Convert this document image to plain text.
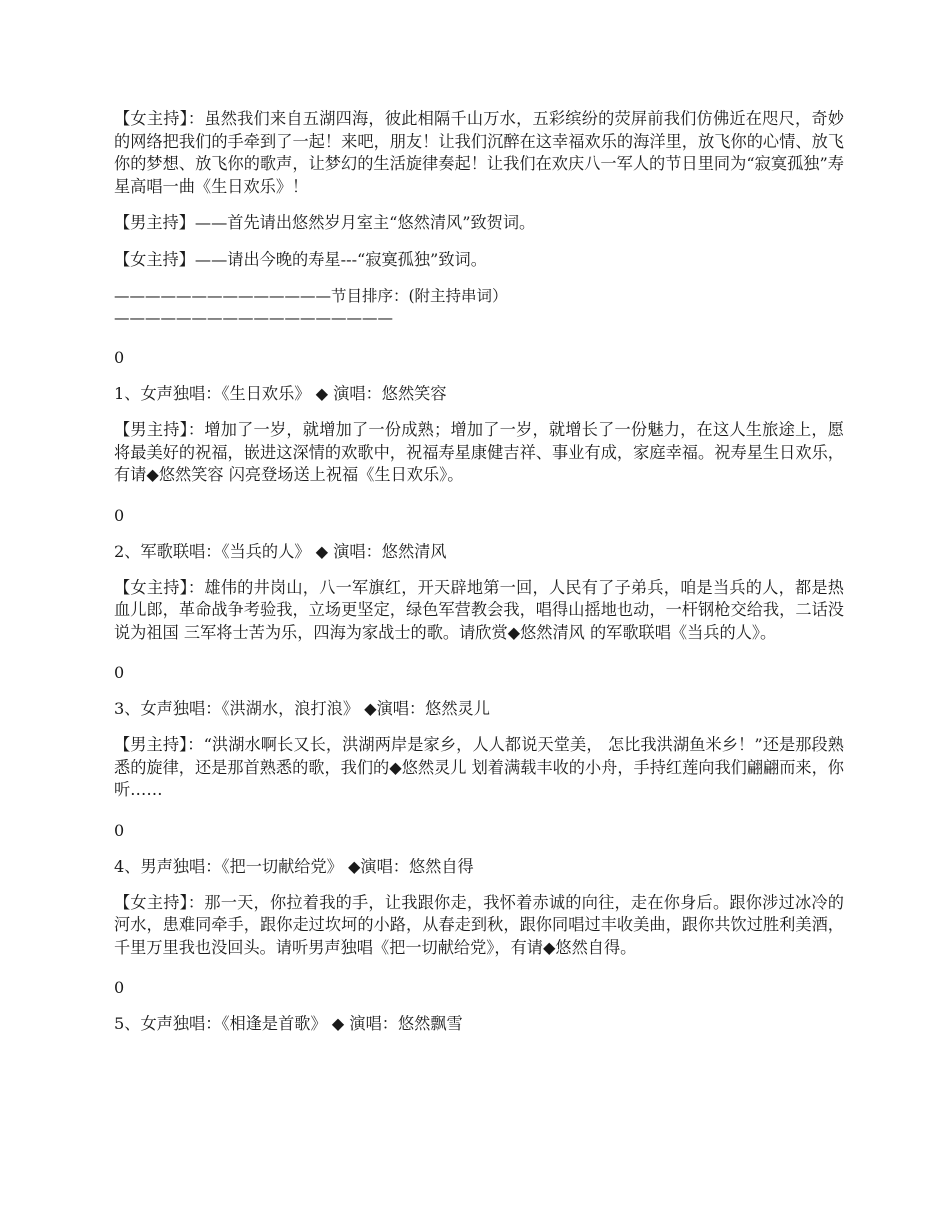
【女主持】：虽然我们来自五湖四海，彼此相隔千山万水，五彩缤纷的荧屏前我们仿佛近在咫尺，奇妙的网络把我们的手牵到了一起！来吧，朋友！让我们沉醉在这幸福欢乐的海洋里，放飞你的心情、放飞你的梦想、放飞你的歌声，让梦幻的生活旋律奏起！让我们在欢庆八一军人的节日里同为“寂寞孤独”寿星高唱一曲《生日欢乐》！

【男主持】——首先请出悠然岁月室主“悠然清风”致贺词。

【女主持】——请出今晚的寿星---“寂寞孤独”致词。

——————————————节目排序：(附主持串词）
——————————————————

0

1、女声独唱：《生日欢乐》 ◆ 演唱：悠然笑容

【男主持】：增加了一岁，就增加了一份成熟；增加了一岁，就增长了一份魅力，在这人生旅途上，愿将最美好的祝福，嵌进这深情的欢歌中，祝福寿星康健吉祥、事业有成，家庭幸福。祝寿星生日欢乐，有请◆悠然笑容 闪亮登场送上祝福《生日欢乐》。

0

2、军歌联唱：《当兵的人》 ◆ 演唱：悠然清风

【女主持】：雄伟的井岗山，八一军旗红，开天辟地第一回，人民有了子弟兵，咱是当兵的人，都是热血儿郎，革命战争考验我，立场更坚定，绿色军营教会我，唱得山摇地也动，一杆钢枪交给我，二话没说为祖国 三军将士苦为乐，四海为家战士的歌。请欣赏◆悠然清风 的军歌联唱《当兵的人》。

0

3、女声独唱：《洪湖水，浪打浪》 ◆演唱：悠然灵儿

【男主持】：“洪湖水啊长又长，洪湖两岸是家乡，人人都说天堂美， 怎比我洪湖鱼米乡！”还是那段熟悉的旋律，还是那首熟悉的歌，我们的◆悠然灵儿 划着满载丰收的小舟，手持红莲向我们翩翩而来，你听……

0

4、男声独唱：《把一切献给党》 ◆演唱：悠然自得

【女主持】：那一天，你拉着我的手，让我跟你走，我怀着赤诚的向往，走在你身后。跟你涉过冰冷的河水，患难同牵手，跟你走过坎坷的小路，从春走到秋，跟你同唱过丰收美曲，跟你共饮过胜利美酒，千里万里我也没回头。请听男声独唱《把一切献给党》，有请◆悠然自得。

0

5、女声独唱：《相逢是首歌》 ◆ 演唱：悠然飘雪
